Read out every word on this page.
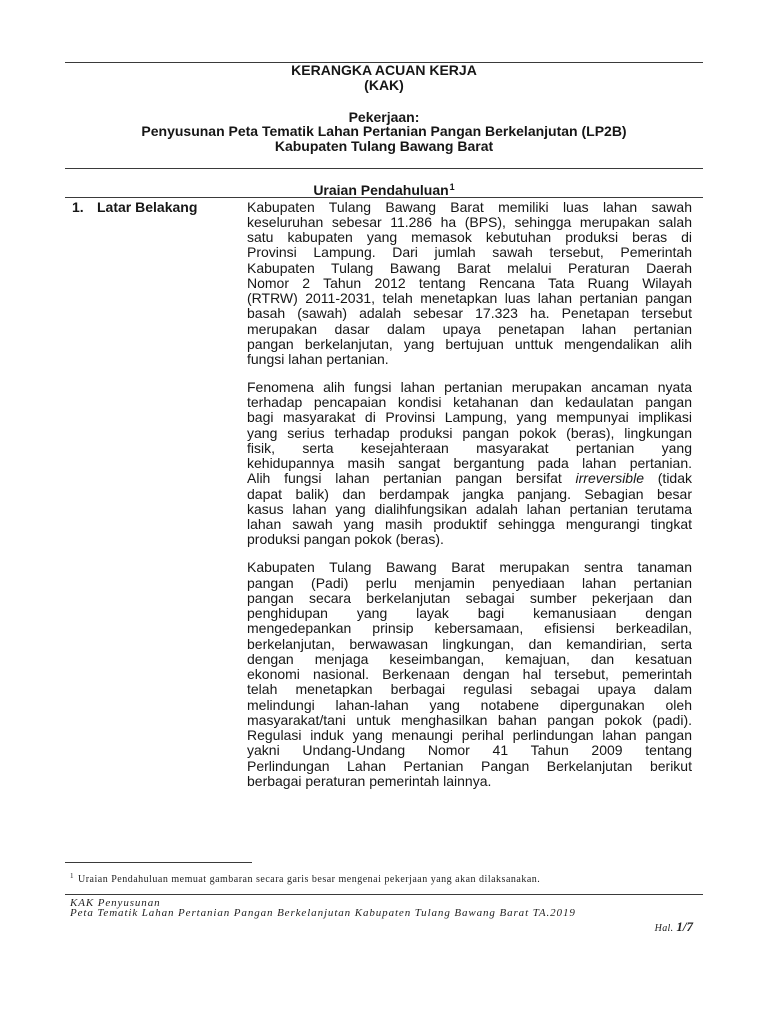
KERANGKA ACUAN KERJA
(KAK)
Pekerjaan:
Penyusunan Peta Tematik Lahan Pertanian Pangan Berkelanjutan (LP2B)
Kabupaten Tulang Bawang Barat
Uraian Pendahuluan$^1$
1. Latar Belakang	Kabupaten Tulang Bawang Barat memiliki luas lahan sawah
keseluruhan sebesar 11.286 ha (BPS), sehingga merupakan salah
satu kabupaten yang memasok kebutuhan produksi beras di
Provinsi Lampung. Dari jumlah sawah tersebut, Pemerintah
Kabupaten Tulang Bawang Barat melalui Peraturan Daerah
Nomor 2 Tahun 2012 tentang Rencana Tata Ruang Wilayah
(RTRW) 2011-2031, telah menetapkan luas lahan pertanian pangan
basah (sawah) adalah sebesar 17.323 ha. Penetapan tersebut
merupakan dasar dalam upaya penetapan lahan pertanian
pangan berkelanjutan, yang bertujuan unttuk mengendalikan alih
fungsi lahan pertanian.
Fenomena alih fungsi lahan pertanian merupakan ancaman nyata
terhadap pencapaian kondisi ketahanan dan kedaulatan pangan
bagi masyarakat di Provinsi Lampung, yang mempunyai implikasi
yang serius terhadap produksi pangan pokok (beras), lingkungan
fisik, serta kesejahteraan masyarakat pertanian yang
kehidupannya masih sangat bergantung pada lahan pertanian.
Alih fungsi lahan pertanian pangan bersifat irreversible (tidak
dapat balik) dan berdampak jangka panjang. Sebagian besar
kasus lahan yang dialihfungsikan adalah lahan pertanian terutama
lahan sawah yang masih produktif sehingga mengurangi tingkat
produksi pangan pokok (beras).
Kabupaten Tulang Bawang Barat merupakan sentra tanaman
pangan (Padi) perlu menjamin penyediaan lahan pertanian
pangan secara berkelanjutan sebagai sumber pekerjaan dan
penghidupan yang layak bagi kemanusiaan dengan
mengedepankan prinsip kebersamaan, efisiensi berkeadilan,
berkelanjutan, berwawasan lingkungan, dan kemandirian, serta
dengan menjaga keseimbangan, kemajuan, dan kesatuan
ekonomi nasional. Berkenaan dengan hal tersebut, pemerintah
telah menetapkan berbagai regulasi sebagai upaya dalam
melindungi lahan-lahan yang notabene dipergunakan oleh
masyarakat/tani untuk menghasilkan bahan pangan pokok (padi).
Regulasi induk yang menaungi perihal perlindungan lahan pangan
yakni Undang-Undang Nomor 41 Tahun 2009 tentang
Perlindungan Lahan Pertanian Pangan Berkelanjutan berikut
berbagai peraturan pemerintah lainnya.
$^1$ Uraian Pendahuluan memuat gambaran secara garis besar mengenai pekerjaan yang akan dilaksanakan.
KAK Penyusunan
Peta Tematik Lahan Pertanian Pangan Berkelanjutan Kabupaten Tulang Bawang Barat TA.2019
Hal. 1/7
